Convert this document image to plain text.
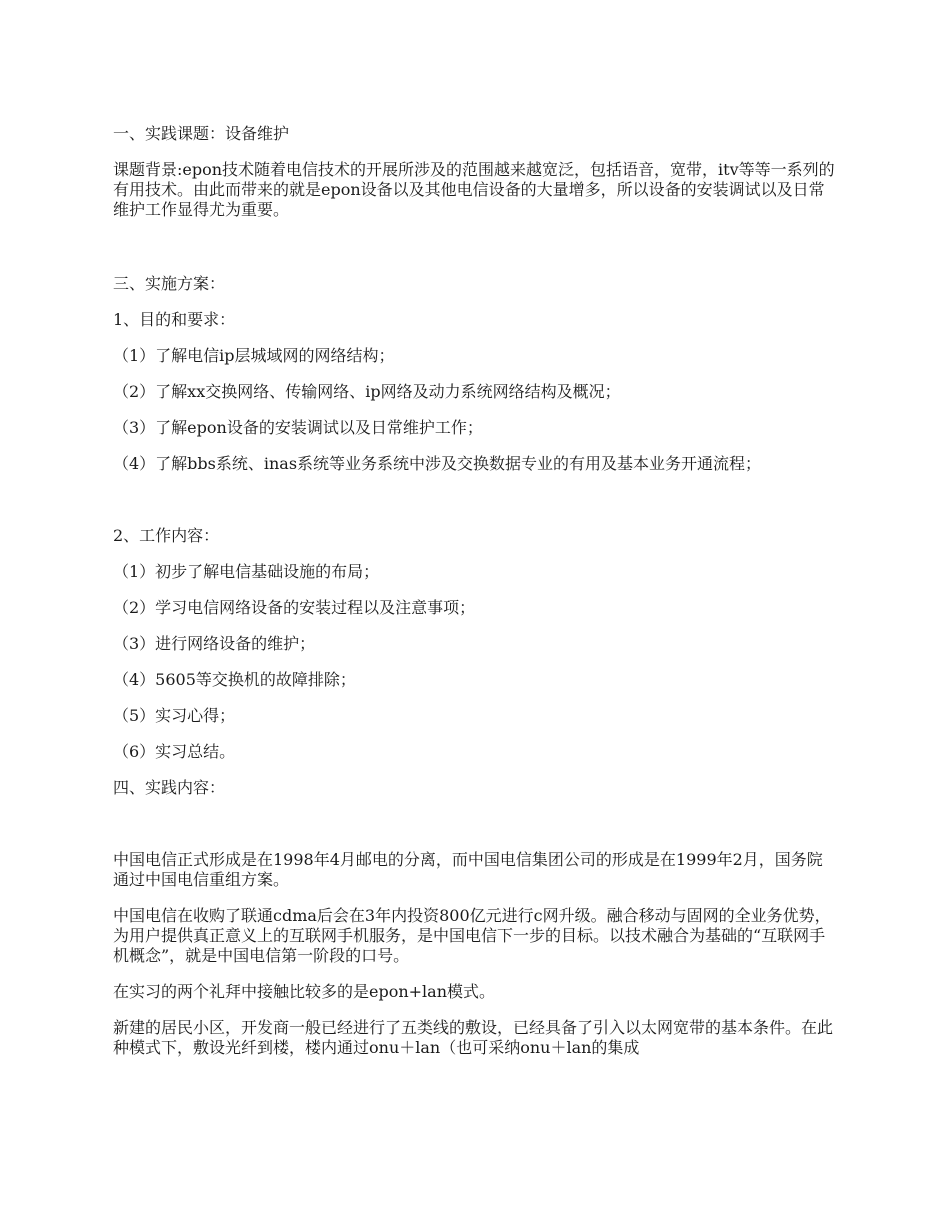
一、实践课题：设备维护

课题背景:epon技术随着电信技术的开展所涉及的范围越来越宽泛，包括语音，宽带，itv等等一系列的有用技术。由此而带来的就是epon设备以及其他电信设备的大量增多，所以设备的安装调试以及日常维护工作显得尤为重要。

三、实施方案：

1、目的和要求：

（1）了解电信ip层城域网的网络结构；

（2）了解xx交换网络、传输网络、ip网络及动力系统网络结构及概况；

（3）了解epon设备的安装调试以及日常维护工作；

（4）了解bbs系统、inas系统等业务系统中涉及交换数据专业的有用及基本业务开通流程；

2、工作内容：

（1）初步了解电信基础设施的布局；

（2）学习电信网络设备的安装过程以及注意事项；

（3）进行网络设备的维护；

（4）5605等交换机的故障排除；

（5）实习心得；

（6）实习总结。

四、实践内容：

中国电信正式形成是在1998年4月邮电的分离，而中国电信集团公司的形成是在1999年2月，国务院通过中国电信重组方案。

中国电信在收购了联通cdma后会在3年内投资800亿元进行c网升级。融合移动与固网的全业务优势，为用户提供真正意义上的互联网手机服务，是中国电信下一步的目标。以技术融合为基础的“互联网手机概念”，就是中国电信第一阶段的口号。

在实习的两个礼拜中接触比较多的是epon+lan模式。

新建的居民小区，开发商一般已经进行了五类线的敷设，已经具备了引入以太网宽带的基本条件。在此种模式下，敷设光纤到楼，楼内通过onu＋lan（也可采纳onu＋lan的集成
